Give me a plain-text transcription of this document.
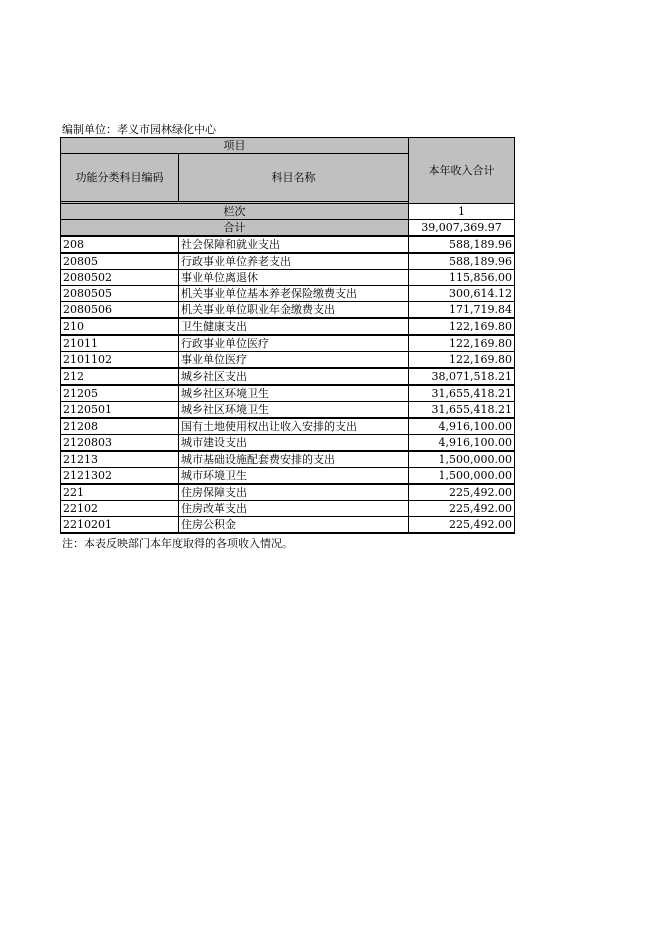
编制单位：孝义市园林绿化中心
项目		本年收入合计
功能分类科目编码	科目名称	

栏次		1
合计		39,007,369.97
208	社会保障和就业支出	588,189.96
20805	行政事业单位养老支出	588,189.96
2080502	事业单位离退休	115,856.00
2080505	机关事业单位基本养老保险缴费支出	300,614.12
2080506	机关事业单位职业年金缴费支出	171,719.84
210	卫生健康支出	122,169.80
21011	行政事业单位医疗	122,169.80
2101102	事业单位医疗	122,169.80
212	城乡社区支出	38,071,518.21
21205	城乡社区环境卫生	31,655,418.21
2120501	城乡社区环境卫生	31,655,418.21
21208	国有土地使用权出让收入安排的支出	4,916,100.00
2120803	城市建设支出	4,916,100.00
21213	城市基础设施配套费安排的支出	1,500,000.00
2121302	城市环境卫生	1,500,000.00
221	住房保障支出	225,492.00
22102	住房改革支出	225,492.00
2210201	住房公积金	225,492.00
注：本表反映部门本年度取得的各项收入情况。
